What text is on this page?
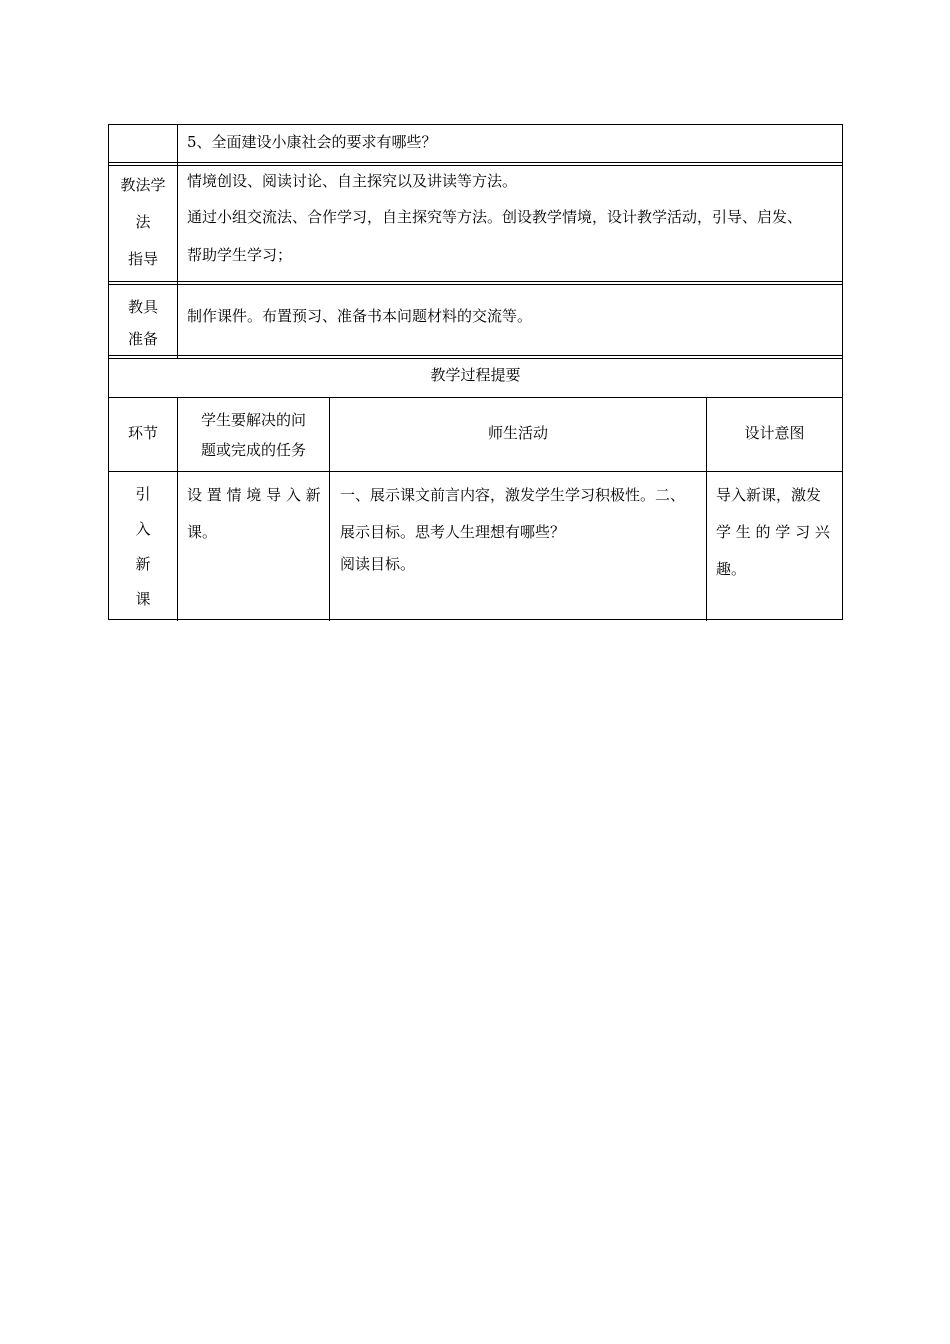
5、全面建设小康社会的要求有哪些？
教法学
法
指导
情境创设、阅读讨论、自主探究以及讲读等方法。
通过小组交流法、合作学习，自主探究等方法。创设教学情境，设计教学活动，引导、启发、
帮助学生学习；
教具
准备
制作课件。布置预习、准备书本问题材料的交流等。
教学过程提要
环节
学生要解决的问
题或完成的任务
师生活动	设计意图
引
入
新
课
设 置 情 境 导 入 新
课。
一、展示课文前言内容，激发学生学习积极性。二、
展示目标。思考人生理想有哪些？
阅读目标。
导入新课，激发
学 生 的 学 习 兴
趣。
